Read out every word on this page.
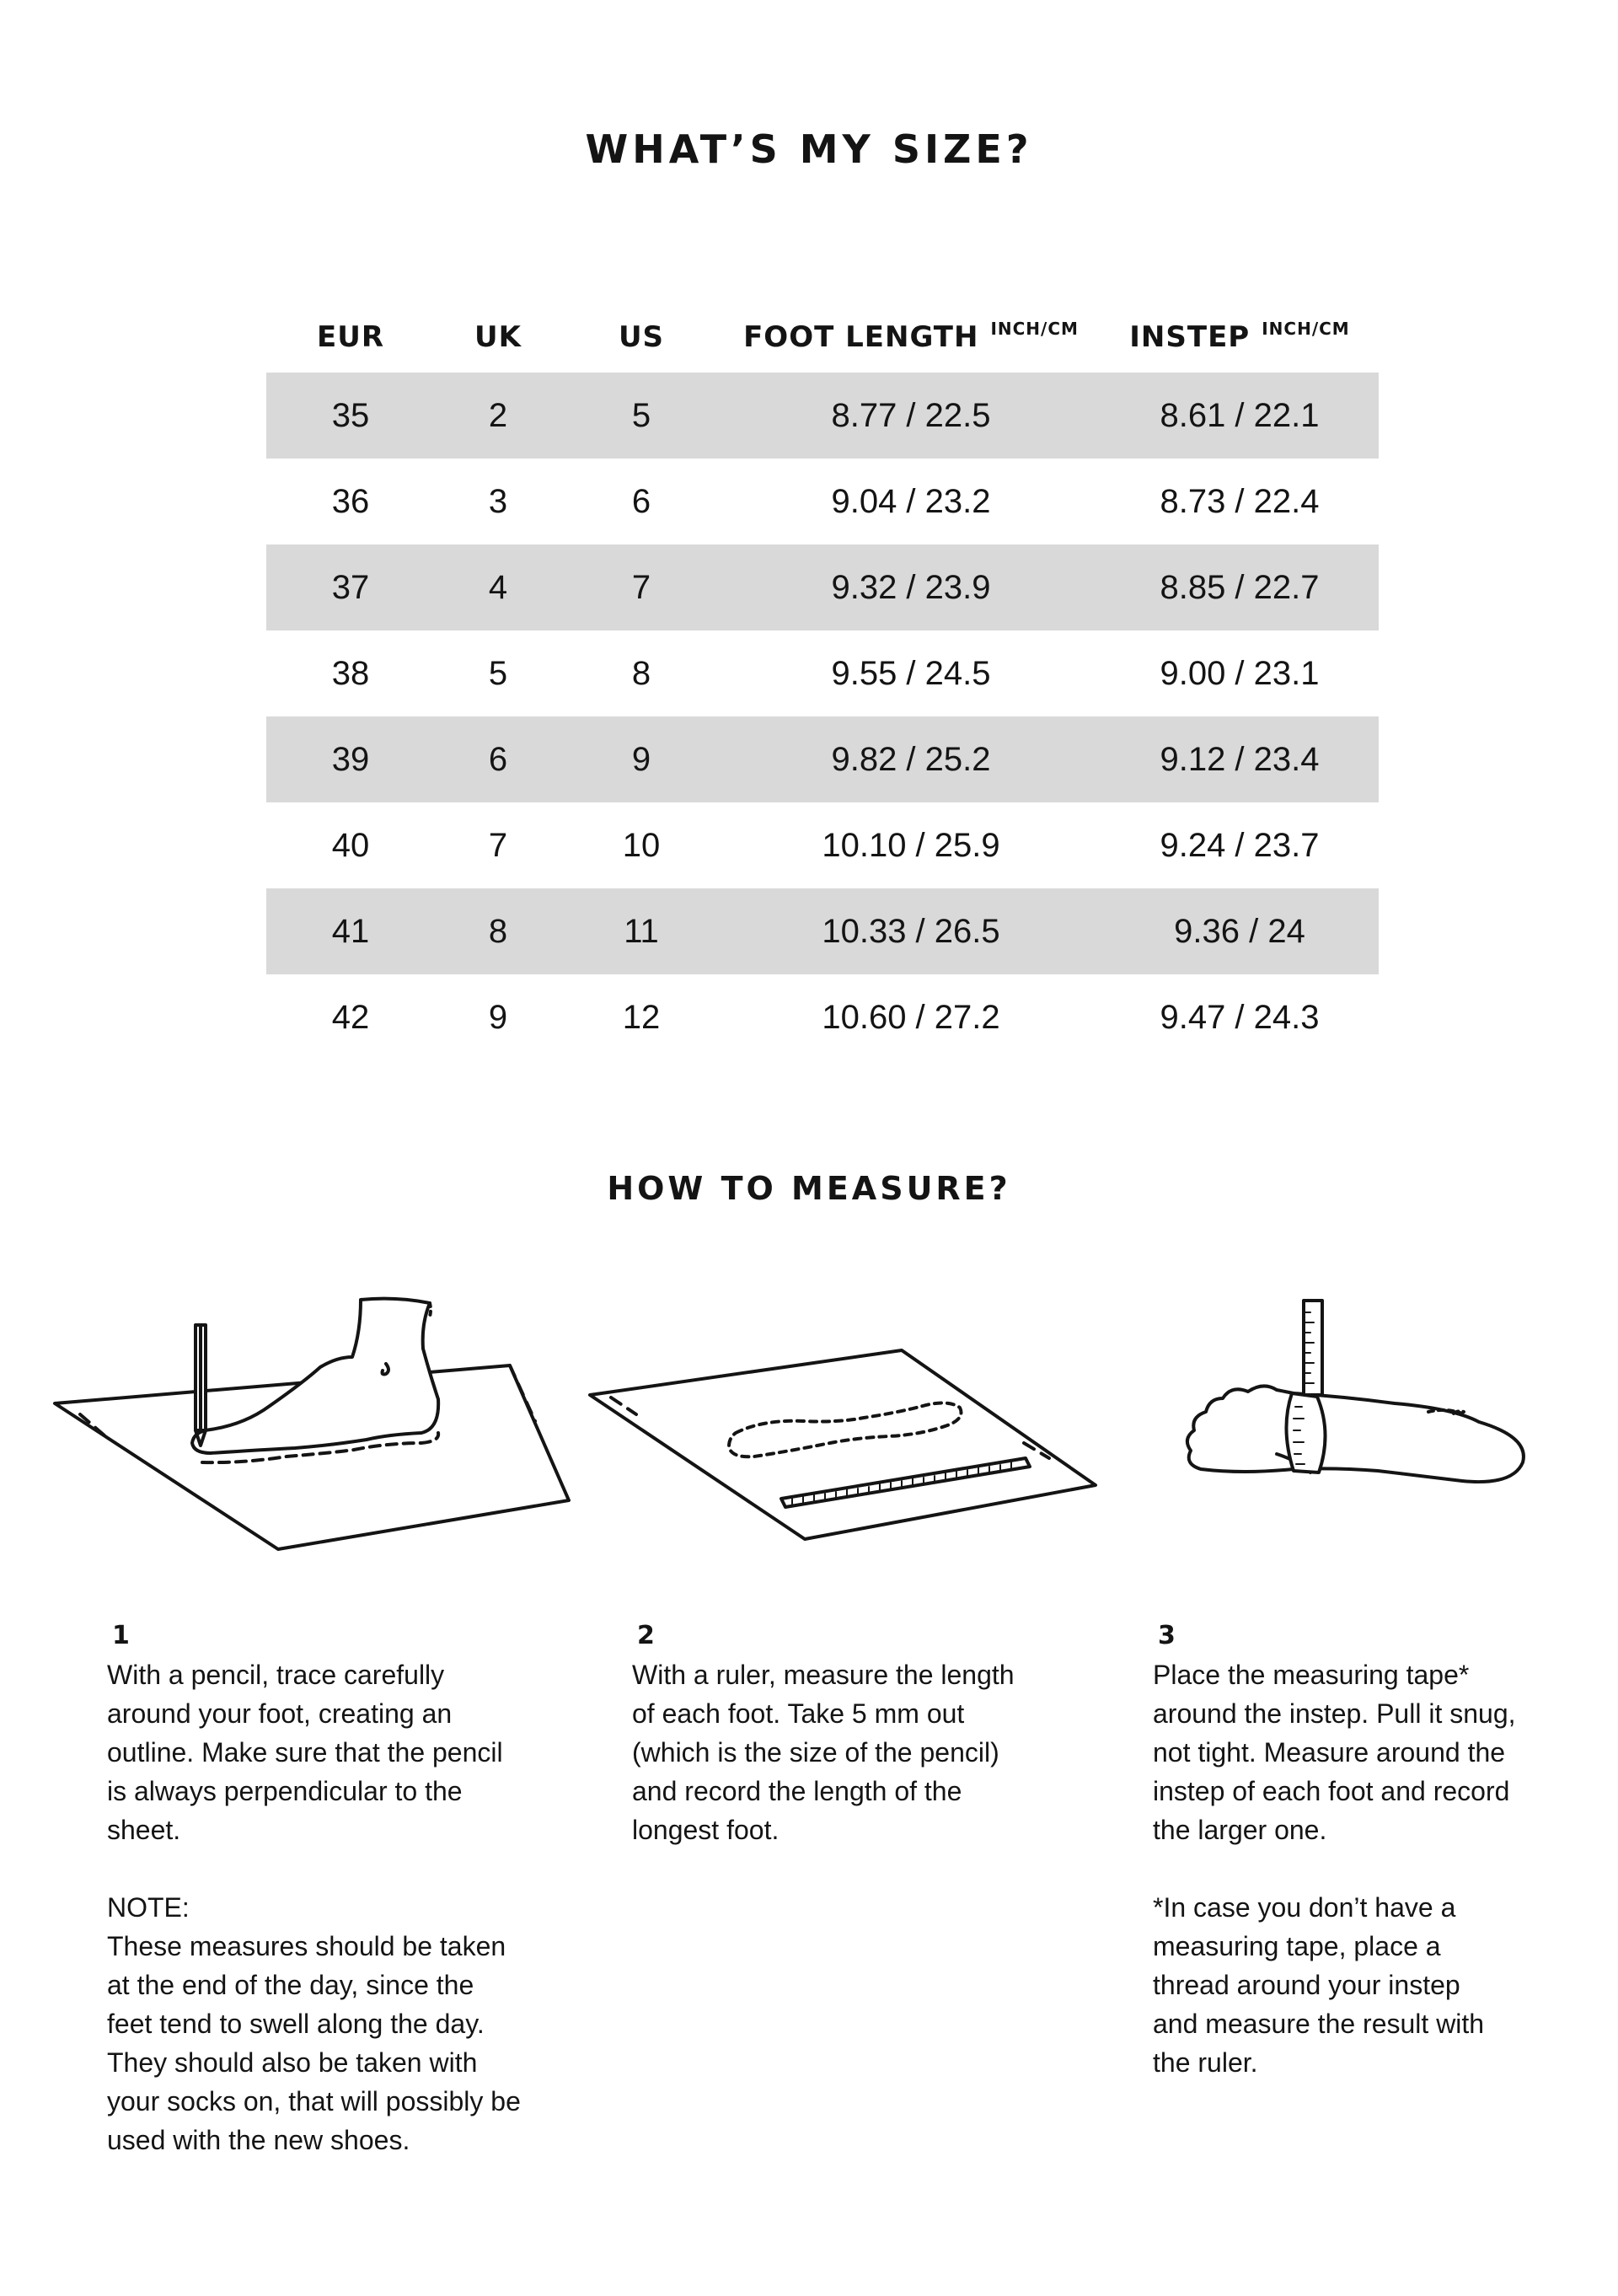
WHAT’S MY SIZE?
EUR	UK	US	FOOT LENGTH $^{INCH/CM}$	INSTEP $^{INCH/CM}$
35	2	5	8.77 / 22.5	8.61 / 22.1
36	3	6	9.04 / 23.2	8.73 / 22.4
37	4	7	9.32 / 23.9	8.85 / 22.7
38	5	8	9.55 / 24.5	9.00 / 23.1
39	6	9	9.82 / 25.2	9.12 / 23.4
40	7	10	10.10 / 25.9	9.24 / 23.7
41	8	11	10.33 / 26.5	9.36 / 24
42	9	12	10.60 / 27.2	9.47 / 24.3
HOW TO MEASURE?
1

With a pencil, trace carefully

around your foot, creating an

outline. Make sure that the pencil

is always perpendicular to the

sheet.

NOTE:

These measures should be taken

at the end of the day, since the

feet tend to swell along the day.

They should also be taken with

your socks on, that will possibly be

used with the new shoes.

2

With a ruler, measure the length

of each foot. Take 5 mm out

(which is the size of the pencil)

and record the length of the

longest foot.

3

Place the measuring tape*

around the instep. Pull it snug,

not tight. Measure around the

instep of each foot and record

the larger one.

*In case you don’t have a

measuring tape, place a

thread around your instep

and measure the result with

the ruler.
